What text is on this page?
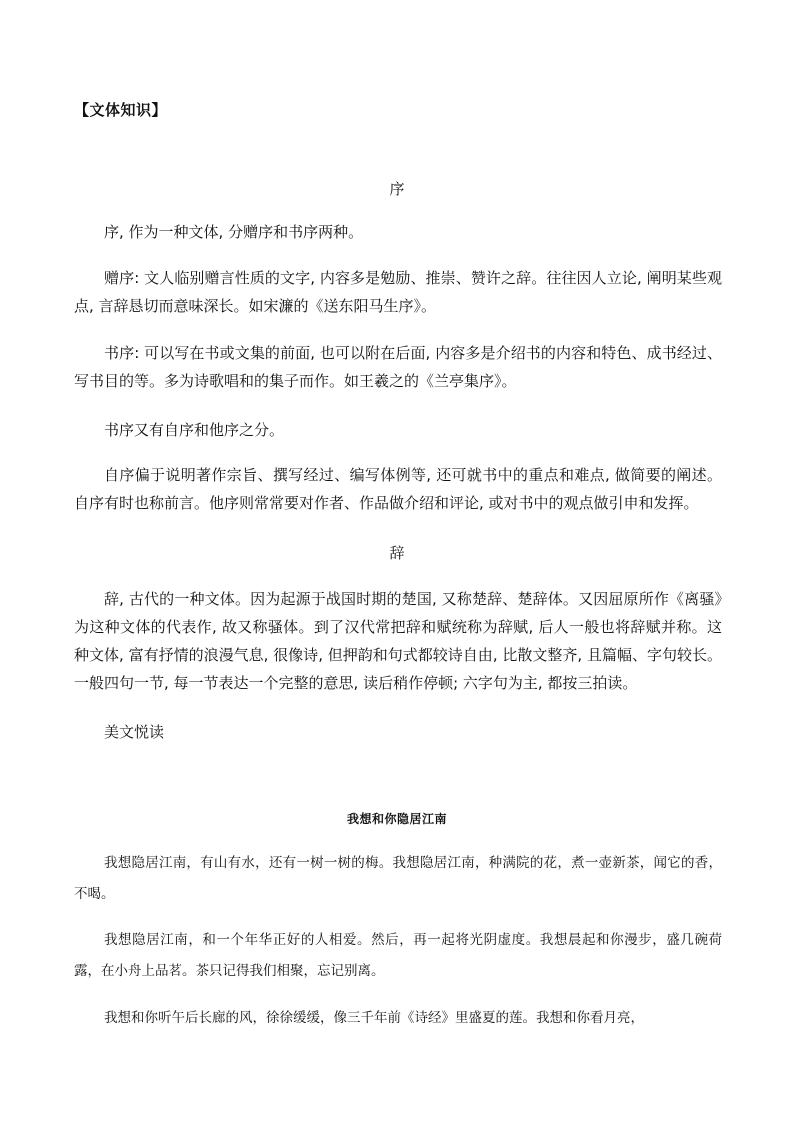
【文体知识】
序

序, 作为一种文体, 分赠序和书序两种。

赠序: 文人临别赠言性质的文字, 内容多是勉励、推崇、赞许之辞。往往因人立论, 阐明某些观点, 言辞恳切而意味深长。如宋濂的《送东阳马生序》。

书序: 可以写在书或文集的前面, 也可以附在后面, 内容多是介绍书的内容和特色、成书经过、写书目的等。多为诗歌唱和的集子而作。如王羲之的《兰亭集序》。

书序又有自序和他序之分。

自序偏于说明著作宗旨、撰写经过、编写体例等, 还可就书中的重点和难点, 做简要的阐述。自序有时也称前言。他序则常常要对作者、作品做介绍和评论, 或对书中的观点做引申和发挥。

辞

辞, 古代的一种文体。因为起源于战国时期的楚国, 又称楚辞、楚辞体。又因屈原所作《离骚》为这种文体的代表作, 故又称骚体。到了汉代常把辞和赋统称为辞赋, 后人一般也将辞赋并称。这种文体, 富有抒情的浪漫气息, 很像诗, 但押韵和句式都较诗自由, 比散文整齐, 且篇幅、字句较长。一般四句一节, 每一节表达一个完整的意思, 读后稍作停顿; 六字句为主, 都按三拍读。

美文悦读

我想和你隐居江南

我想隐居江南，有山有水，还有一树一树的梅。我想隐居江南，种满院的花，煮一壶新茶，闻它的香，不喝。

我想隐居江南，和一个年华正好的人相爱。然后，再一起将光阴虚度。我想晨起和你漫步，盛几碗荷露，在小舟上品茗。茶只记得我们相聚，忘记别离。

我想和你听午后长廊的风，徐徐缓缓，像三千年前《诗经》里盛夏的莲。我想和你看月亮，
